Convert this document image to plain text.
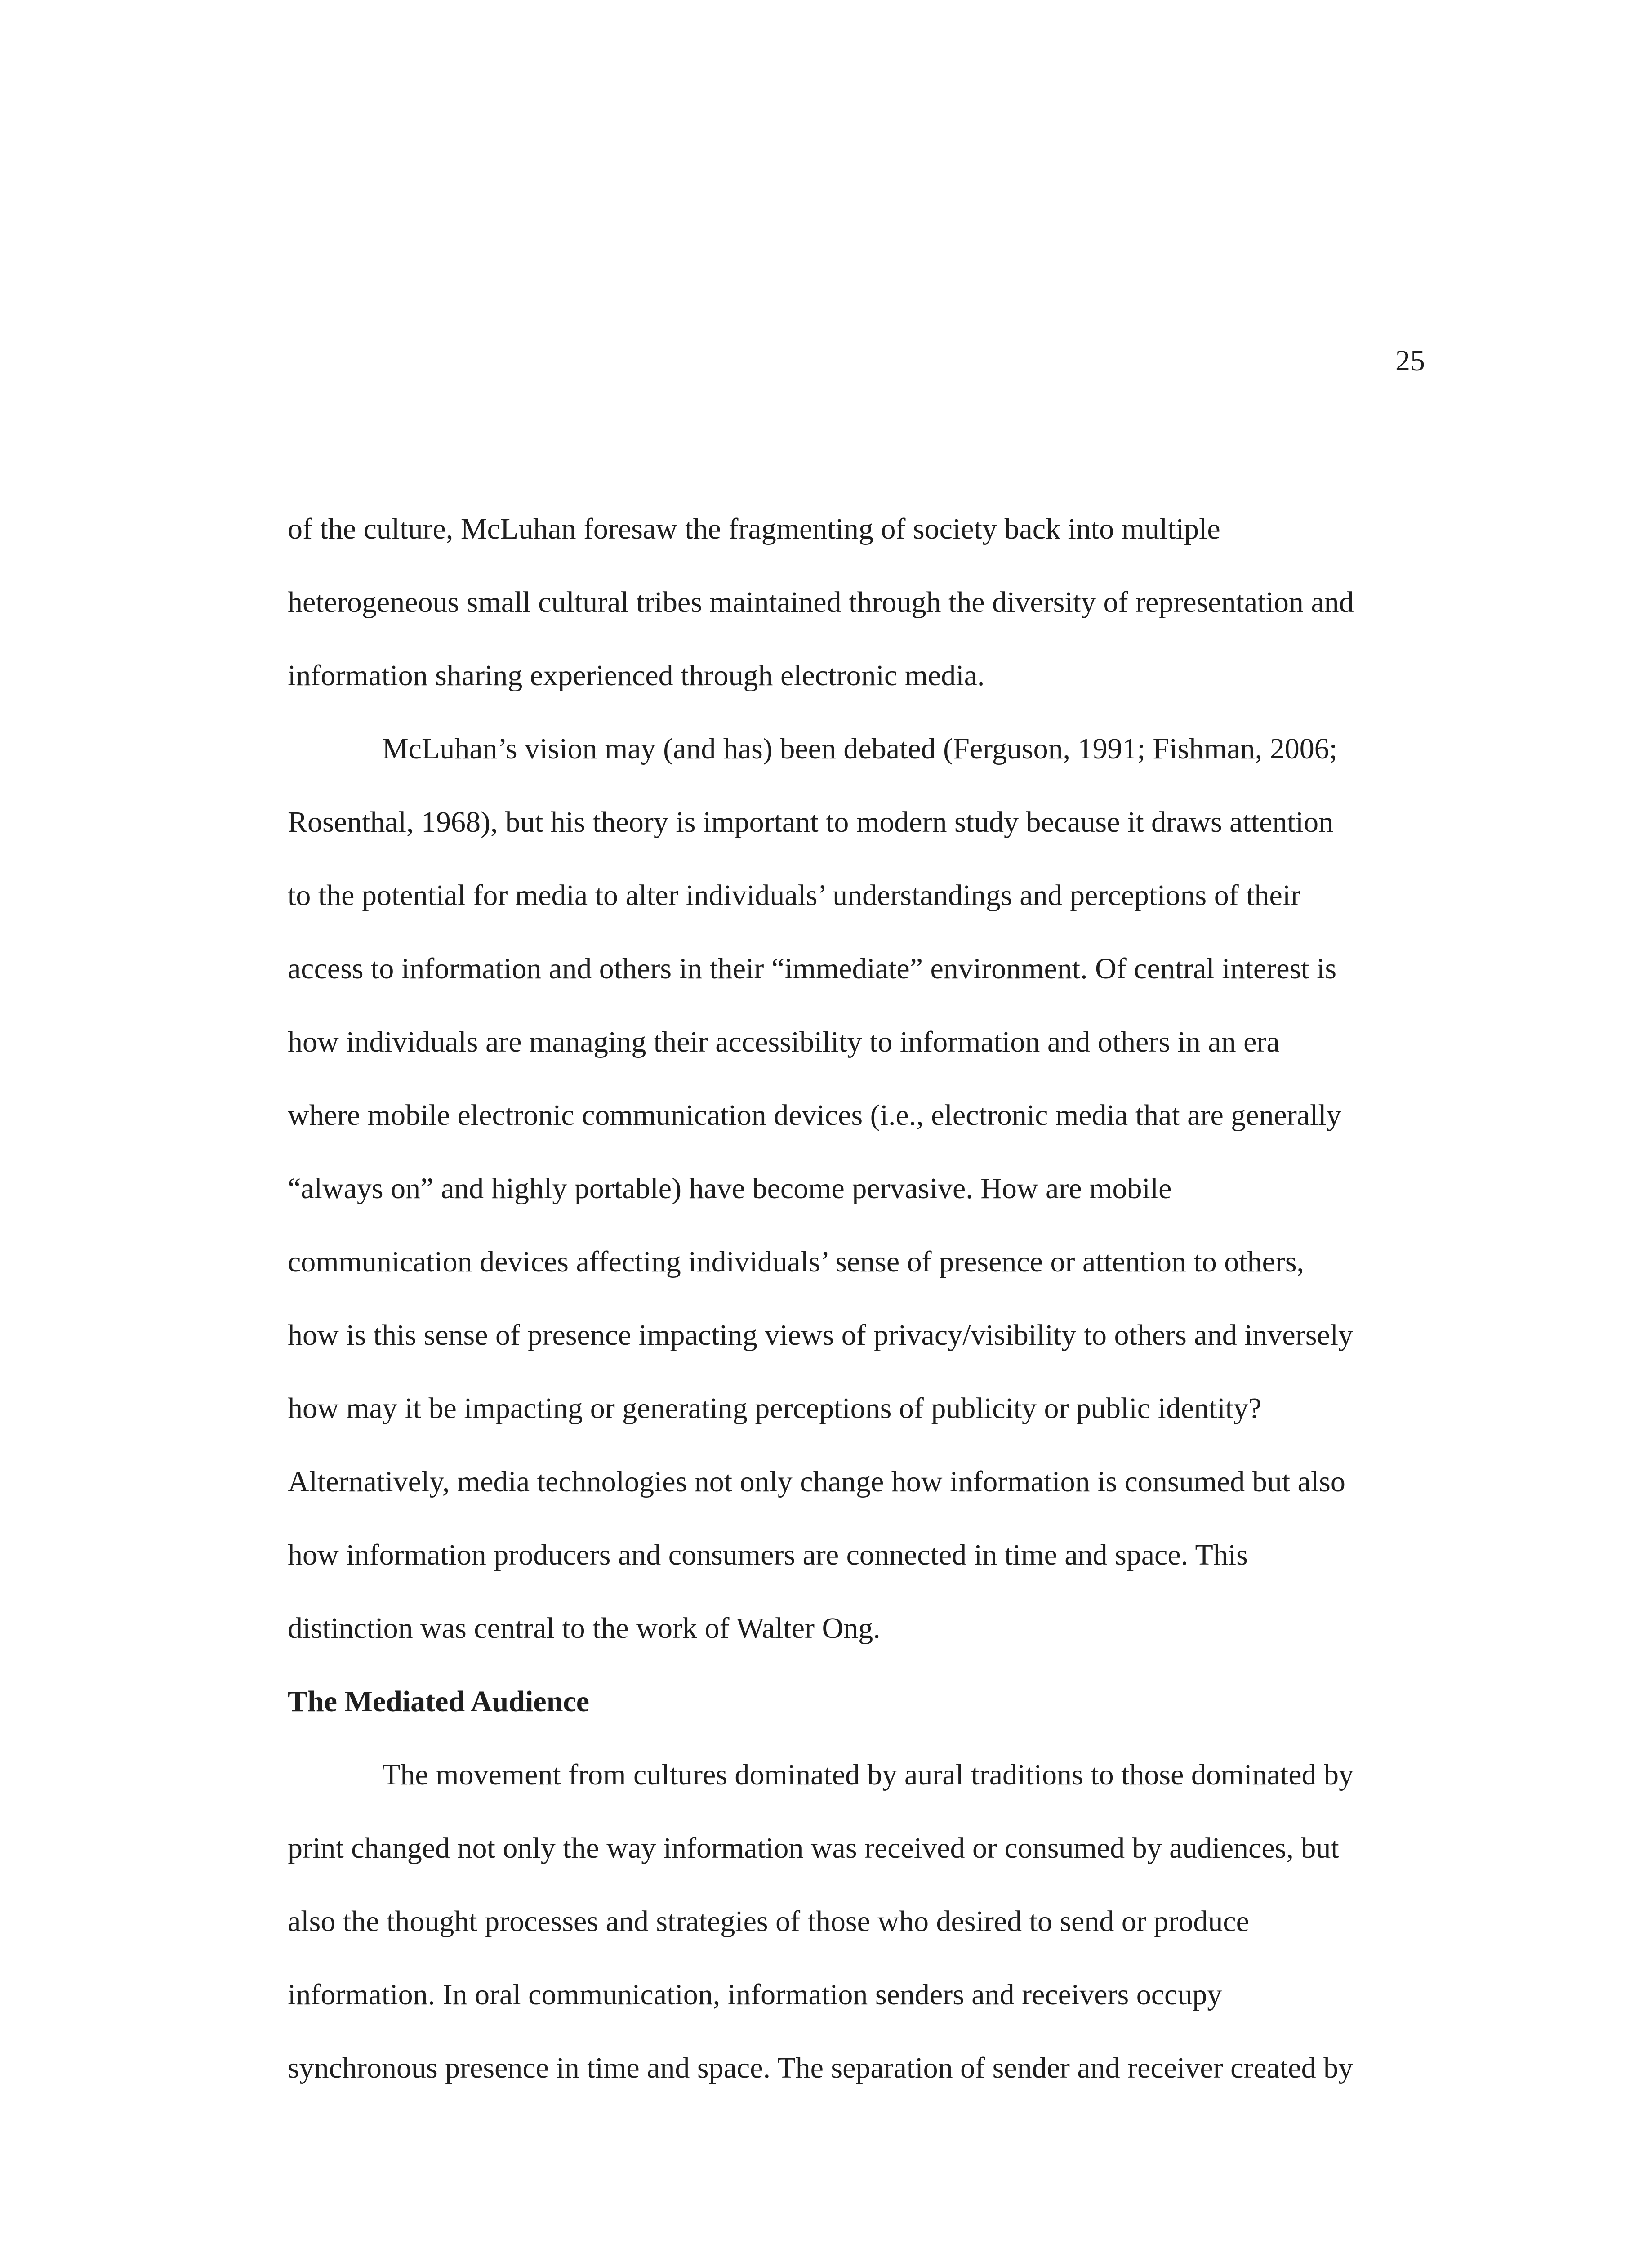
25
of the culture, McLuhan foresaw the fragmenting of society back into multiple
heterogeneous small cultural tribes maintained through the diversity of representation and
information sharing experienced through electronic media.
McLuhan’s vision may (and has) been debated (Ferguson, 1991; Fishman, 2006;
Rosenthal, 1968), but his theory is important to modern study because it draws attention
to the potential for media to alter individuals’ understandings and perceptions of their
access to information and others in their “immediate” environment. Of central interest is
how individuals are managing their accessibility to information and others in an era
where mobile electronic communication devices (i.e., electronic media that are generally
“always on” and highly portable) have become pervasive. How are mobile
communication devices affecting individuals’ sense of presence or attention to others,
how is this sense of presence impacting views of privacy/visibility to others and inversely
how may it be impacting or generating perceptions of publicity or public identity?
Alternatively, media technologies not only change how information is consumed but also
how information producers and consumers are connected in time and space. This
distinction was central to the work of Walter Ong.
The Mediated Audience
The movement from cultures dominated by aural traditions to those dominated by
print changed not only the way information was received or consumed by audiences, but
also the thought processes and strategies of those who desired to send or produce
information. In oral communication, information senders and receivers occupy
synchronous presence in time and space. The separation of sender and receiver created by
